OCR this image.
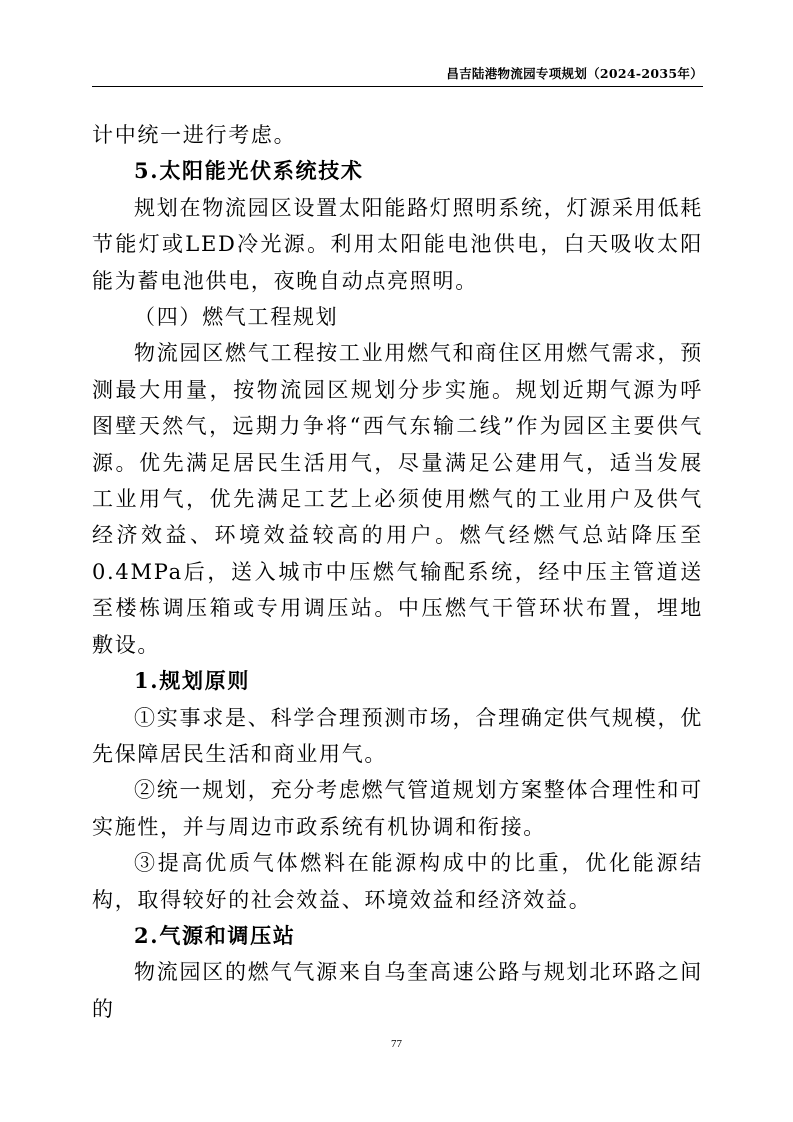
昌吉陆港物流园专项规划（2024-2035年）

计中统一进行考虑。

5.太阳能光伏系统技术

规划在物流园区设置太阳能路灯照明系统，灯源采用低耗节能灯或LED冷光源。利用太阳能电池供电，白天吸收太阳能为蓄电池供电，夜晚自动点亮照明。

（四）燃气工程规划

物流园区燃气工程按工业用燃气和商住区用燃气需求，预测最大用量，按物流园区规划分步实施。规划近期气源为呼图壁天然气，远期力争将“西气东输二线”作为园区主要供气源。优先满足居民生活用气，尽量满足公建用气，适当发展工业用气，优先满足工艺上必须使用燃气的工业用户及供气经济效益、环境效益较高的用户。燃气经燃气总站降压至0.4MPa后，送入城市中压燃气输配系统，经中压主管道送至楼栋调压箱或专用调压站。中压燃气干管环状布置，埋地敷设。

1.规划原则

①实事求是、科学合理预测市场，合理确定供气规模，优先保障居民生活和商业用气。

②统一规划，充分考虑燃气管道规划方案整体合理性和可实施性，并与周边市政系统有机协调和衔接。

③提高优质气体燃料在能源构成中的比重，优化能源结构，取得较好的社会效益、环境效益和经济效益。

2.气源和调压站

物流园区的燃气气源来自乌奎高速公路与规划北环路之间的

77
